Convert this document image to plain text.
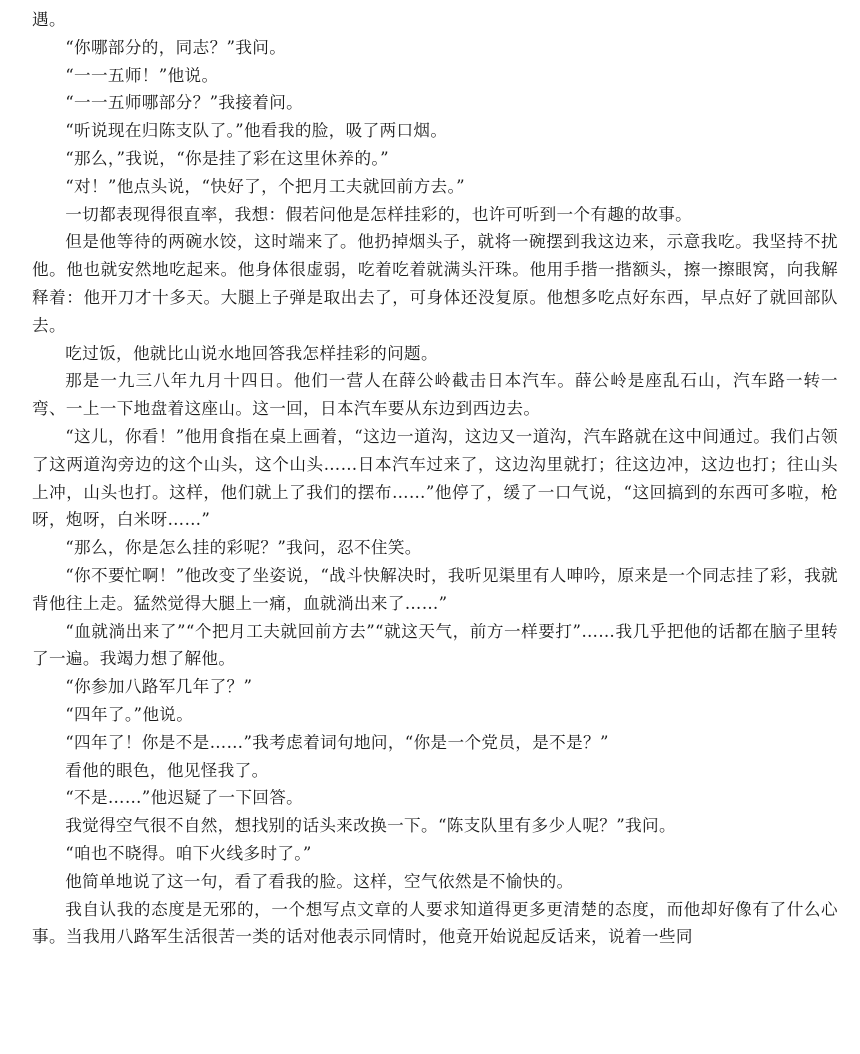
遇。

“你哪部分的，同志？”我问。

“一一五师！”他说。

“一一五师哪部分？”我接着问。

“听说现在归陈支队了。”他看我的脸，吸了两口烟。

“那么，”我说，“你是挂了彩在这里休养的。”

“对！”他点头说，“快好了，个把月工夫就回前方去。”

一切都表现得很直率，我想：假若问他是怎样挂彩的，也许可听到一个有趣的故事。

但是他等待的两碗水饺，这时端来了。他扔掉烟头子，就将一碗摆到我这边来，示意我吃。我坚持不扰他。他也就安然地吃起来。他身体很虚弱，吃着吃着就满头汗珠。他用手揩一揩额头，擦一擦眼窝，向我解释着：他开刀才十多天。大腿上子弹是取出去了，可身体还没复原。他想多吃点好东西，早点好了就回部队去。

吃过饭，他就比山说水地回答我怎样挂彩的问题。

那是一九三八年九月十四日。他们一营人在薛公岭截击日本汽车。薛公岭是座乱石山，汽车路一转一弯、一上一下地盘着这座山。这一回，日本汽车要从东边到西边去。

“这儿，你看！”他用食指在桌上画着，“这边一道沟，这边又一道沟，汽车路就在这中间通过。我们占领了这两道沟旁边的这个山头，这个山头……日本汽车过来了，这边沟里就打；往这边冲，这边也打；往山头上冲，山头也打。这样，他们就上了我们的摆布……”他停了，缓了一口气说，“这回搞到的东西可多啦，枪呀，炮呀，白米呀……”

“那么，你是怎么挂的彩呢？”我问，忍不住笑。

“你不要忙啊！”他改变了坐姿说，“战斗快解决时，我听见渠里有人呻吟，原来是一个同志挂了彩，我就背他往上走。猛然觉得大腿上一痛，血就淌出来了……”

“血就淌出来了”“个把月工夫就回前方去”“就这天气，前方一样要打”……我几乎把他的话都在脑子里转了一遍。我竭力想了解他。

“你参加八路军几年了？”

“四年了。”他说。

“四年了！你是不是……”我考虑着词句地问，“你是一个党员，是不是？”

看他的眼色，他见怪我了。

“不是……”他迟疑了一下回答。

我觉得空气很不自然，想找别的话头来改换一下。“陈支队里有多少人呢？”我问。

“咱也不晓得。咱下火线多时了。”

他简单地说了这一句，看了看我的脸。这样，空气依然是不愉快的。

我自认我的态度是无邪的，一个想写点文章的人要求知道得更多更清楚的态度，而他却好像有了什么心事。当我用八路军生活很苦一类的话对他表示同情时，他竟开始说起反话来，说着一些同
